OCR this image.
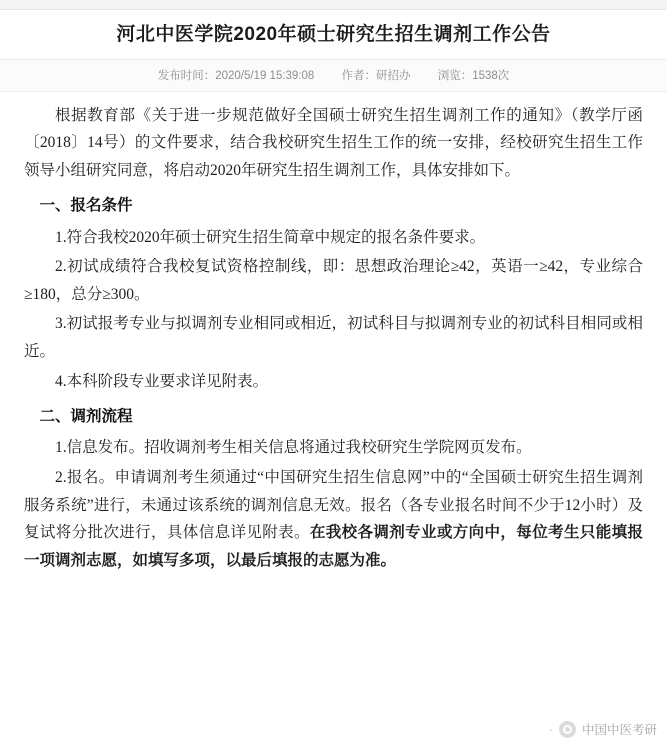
河北中医学院2020年硕士研究生招生调剂工作公告
发布时间：2020/5/19 15:39:08 作者：研招办 浏览：1538次

根据教育部《关于进一步规范做好全国硕士研究生招生调剂工作的通知》（教学厅函〔2018〕14号）的文件要求，结合我校研究生招生工作的统一安排，经校研究生招生工作领导小组研究同意，将启动2020年研究生招生调剂工作，具体安排如下。

一、报名条件

1.符合我校2020年硕士研究生招生简章中规定的报名条件要求。

2.初试成绩符合我校复试资格控制线，即：思想政治理论≥42，英语一≥42，专业综合≥180，总分≥300。

3.初试报考专业与拟调剂专业相同或相近，初试科目与拟调剂专业的初试科目相同或相近。

4.本科阶段专业要求详见附表。

二、调剂流程

1.信息发布。招收调剂考生相关信息将通过我校研究生学院网页发布。

2.报名。申请调剂考生须通过“中国研究生招生信息网”中的“全国硕士研究生招生调剂服务系统”进行，未通过该系统的调剂信息无效。报名（各专业报名时间不少于12小时）及复试将分批次进行，具体信息详见附表。在我校各调剂专业或方向中，每位考生只能填报一项调剂志愿，如填写多项，以最后填报的志愿为准。

· 中国中医考研
